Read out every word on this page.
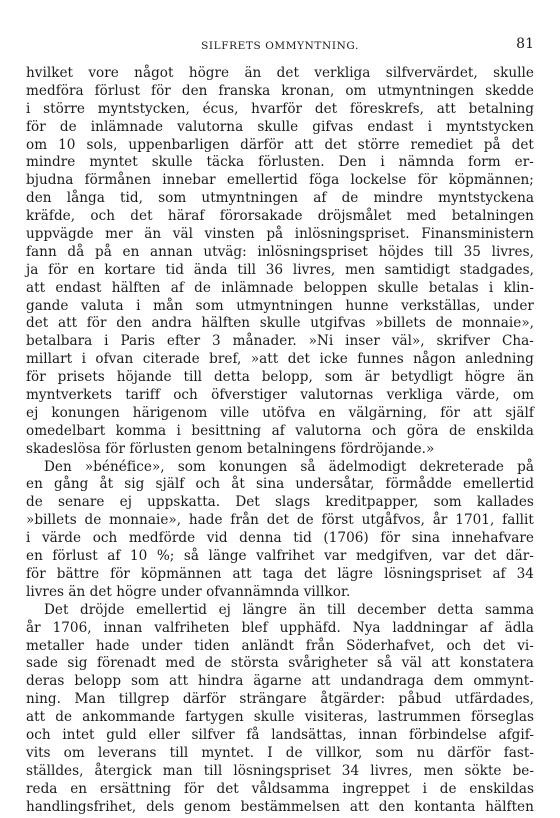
SILFRETS OMMYNTNING.	81
hvilket vore något högre än det verkliga silfvervärdet, skulle
medföra förlust för den franska kronan, om utmyntningen skedde
i större myntstycken, écus, hvarför det föreskrefs, att betalning
för de inlämnade valutorna skulle gifvas endast i myntstycken
om 10 sols, uppenbarligen därför att det större remediet på det
mindre myntet skulle täcka förlusten. Den i nämnda form er-
bjudna förmånen innebar emellertid föga lockelse för köpmännen;
den långa tid, som utmyntningen af de mindre myntstyckena
kräfde, och det häraf förorsakade dröjsmålet med betalningen
uppvägde mer än väl vinsten på inlösningspriset. Finansministern
fann då på en annan utväg: inlösningspriset höjdes till 35 livres,
ja för en kortare tid ända till 36 livres, men samtidigt stadgades,
att endast hälften af de inlämnade beloppen skulle betalas i klin-
gande valuta i mån som utmyntningen hunne verkställas, under
det att för den andra hälften skulle utgifvas »billets de monnaie»,
betalbara i Paris efter 3 månader. »Ni inser väl», skrifver Cha-
millart i ofvan citerade bref, »att det icke funnes någon anledning
för prisets höjande till detta belopp, som är betydligt högre än
myntverkets tariff och öfverstiger valutornas verkliga värde, om
ej konungen härigenom ville utöfva en välgärning, för att själf
omedelbart komma i besittning af valutorna och göra de enskilda
skadeslösa för förlusten genom betalningens fördröjande.»
Den »bénéfice», som konungen så ädelmodigt dekreterade på
en gång åt sig själf och åt sina undersåtar, förmådde emellertid
de senare ej uppskatta. Det slags kreditpapper, som kallades
»billets de monnaie», hade från det de först utgåfvos, år 1701, fallit
i värde och medförde vid denna tid (1706) för sina innehafvare
en förlust af 10 %; så länge valfrihet var medgifven, var det där-
för bättre för köpmännen att taga det lägre lösningspriset af 34
livres än det högre under ofvannämnda villkor.
Det dröjde emellertid ej längre än till december detta samma
år 1706, innan valfriheten blef upphäfd. Nya laddningar af ädla
metaller hade under tiden anländt från Söderhafvet, och det vi-
sade sig förenadt med de största svårigheter så väl att konstatera
deras belopp som att hindra ägarne att undandraga dem ommynt-
ning. Man tillgrep därför strängare åtgärder: påbud utfärdades,
att de ankommande fartygen skulle visiteras, lastrummen förseglas
och intet guld eller silfver få landsättas, innan förbindelse afgif-
vits om leverans till myntet. I de villkor, som nu därför fast-
ställdes, återgick man till lösningspriset 34 livres, men sökte be-
reda en ersättning för det våldsamma ingreppet i de enskildas
handlingsfrihet, dels genom bestämmelsen att den kontanta hälften
